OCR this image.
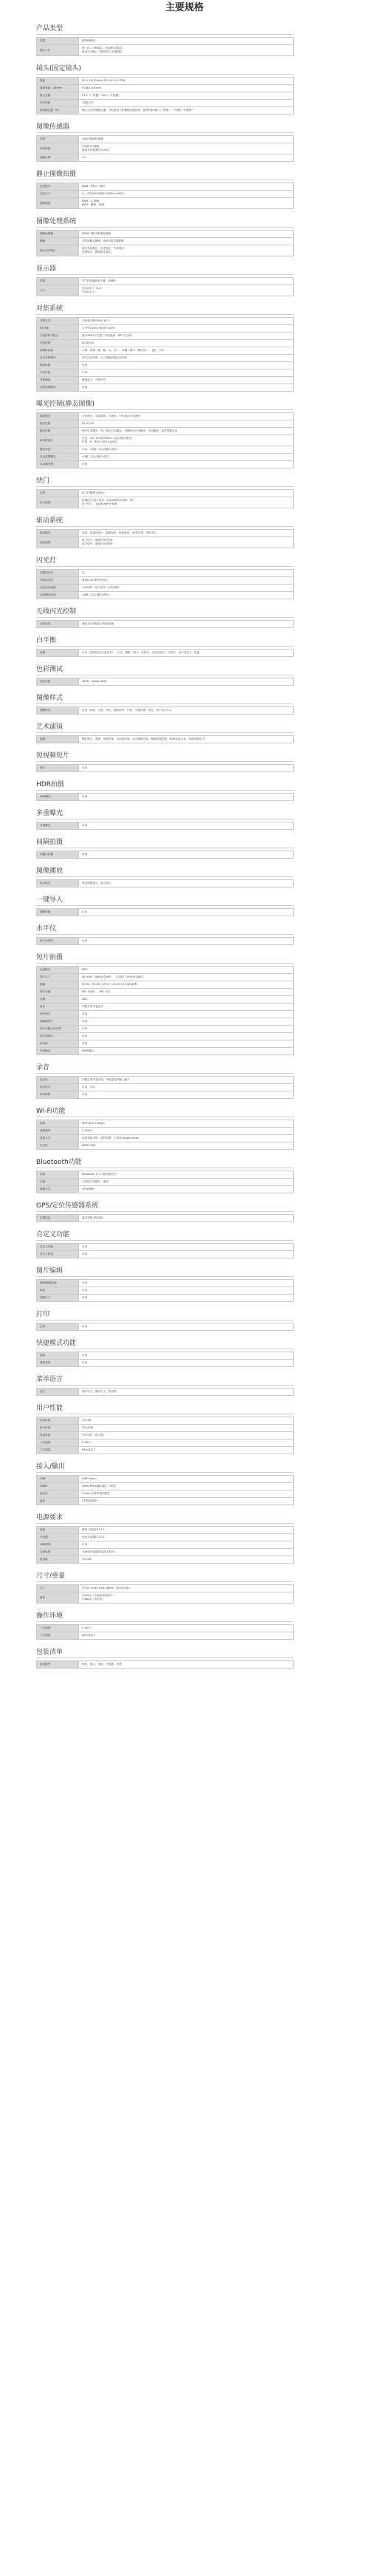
主要规格
产品类型
类型	数码照相机
镜头卡口	RF 卡口（RF镜头，包括RF-S镜头）
EF/EF-S镜头（需使用卡口适配器）
镜头(固定镜头)
焦距	RF-S 18-150mm F3.5-6.3 IS STM
换算焦距（35mm）	约28.8-240mm
最大光圈	F3.5（广角端）-F6.3（长焦端）
光学结构	13组17片
影像稳定器（IS）	镜头光学影像稳定器，与机身电子影像稳定器协同，最高约4.5级（广角端），约3级（长焦端）
图像传感器
类型	CMOS图像传感器
有效像素	约2420万像素
最高有效像素约2410万
画幅比例	3:2
静止图像拍摄
记录格式	RAW / JPEG / HEIF
记录尺寸	大：约2400万像素（6000×4000）
图像质量	RAW、C-RAW
JPEG：精细、普通
图像处理系统
图像处理器	DIGIC X数字影像处理器
降噪	长时间曝光降噪、高ISO感光度降噪
镜头光学校正	周边光量校正、色差校正、失真校正、
衍射校正、数码镜头优化
显示器
类型	TFT彩色液晶显示器，可翻转
尺寸	约3.0英寸（3:2）
约104万点
对焦系统
对焦方式	全像素双核CMOS AF II
AF区域	水平约100%×垂直约100%
可选择的对焦点	最多4503个位置（自动选择：651个区域）
亮度范围	EV-4至20
被摄体检测	人物、动物（狗、猫、鸟、马）、车辆（赛车、摩托车）、飞机、火车
自动对焦操作	单次自动对焦、人工智能伺服自动对焦
眼部检测	可用
手动对焦	可用
对焦辅助	峰值显示、对焦向导
对焦包围曝光	可用
曝光控制(静态图像)
测光模式	评价测光、局部测光、点测光、中央重点平均测光
测光范围	EV-2至20
曝光控制	程序自动曝光、快门优先自动曝光、光圈优先自动曝光、手动曝光、场景智能自动
ISO感光度	自动、ISO 100至32000（以1/3级为单位）
扩展：H（相当于ISO 51200）
曝光补偿	手动：±3级（以1/3级为单位）
自动包围曝光	±3级（以1/3级为单位）
自动曝光锁	可用
快门
类型	电子控制焦平面快门
快门速度	机械快门/电子前帘：1/4000秒至30秒、B门
电子快门：1/16000秒至30秒
驱动系统
驱动模式	单拍、高速连拍+、高速连拍、低速连拍、10秒自拍、2秒自拍
连拍速度	电子快门：最高约30张/秒
电子前帘：最高约15张/秒
闪光灯
内置闪光灯	无
外接闪光灯	兼容EL/EX系列闪光灯
闪光同步速度	1/250秒（电子前帘：1/250秒）
闪光曝光补偿	±3级（以1/3级为单位）
无线闪光控制
无线闪光	兼容光学传输及无线电传输
白平衡
设置	自动（氛围优先/白色优先）、日光、阴影、阴天、钨丝灯、白色荧光灯、闪光灯、用户自定义、色温
色彩测试
色彩空间	sRGB、Adobe RGB
图像样式
图像样式	自动、标准、人像、风光、精致细节、中性、可靠设置、单色、用户定义1-3
艺术滤镜
滤镜	颗粒黑白、柔焦、鱼眼效果、水彩画效果、玩具相机效果、微缩景观效果、HDR标准艺术、HDR浓艳艺术
短视频短片
短片	可用
HDR拍摄
HDR模式	可用
多重曝光
多重曝光	可用
间隔拍摄
间隔定时器	可用
图像播放
显示格式	单张图像显示、索引显示
一键导入
图像传输	可用
水平仪
电子水准仪	可用
短片拍摄
记录格式	MP4
短片尺寸	4K UHD（3840×2160）、全高清（1920×1080）
帧频	59.94 / 50.00 / 29.97 / 25.00 / 23.98 帧/秒
短片压缩	IPB（标准）、IPB（轻）
音频	AAC
录音	内置立体声麦克风
延时短片	可用
高帧频短片	可用
短片伺服自动对焦	可用
短片数码IS	可用
时间码	可用
外部输出	HDMI输出
录音
麦克风	内置立体声麦克风、外接麦克风输入端子
录音电平	自动、手动
风声抑制	可用
Wi-Fi功能
标准	IEEE 802.11b/g/n
传输频率	2.4GHz
连接方式	连接智能手机、遥控拍摄、上传至image.canon
安全性	WPA2-PSK
Bluetooth功能
标准	Bluetooth 5.1（低功耗技术）
功能	与智能手机配对、遥控
传输方式	GFSK调制
GPS/定位传感器系统
位置信息	通过智能手机获取
自定义功能
自定义功能	可用
自定义按钮	可用
图片编辑
RAW图像处理	可用
裁切	可用
调整尺寸	可用
打印
打印	可用
快捷模式功能
速控	可用
我的菜单	可用
菜单语言
语言	简体中文、繁体中文、英语等
用户性能
启动时间	约0.4秒
快门时滞	约0.05秒
电池寿命	约370张（显示屏）
工作温度	0-40°C
工作湿度	85%或以下
接入/输出
USB	USB Type-C
HDMI	HDMI Micro输出端子（D型）
麦克风	3.5mm立体声迷你插孔
遥控	E3型遥控端子
电源要求
电池	锂离子电池LP-E17
充电器	电池充电器LC-E17
USB供电	可用
交流电源	交流电转接器套装ACK-E18
耗电量	约2.5W
尺寸/重量
尺寸	约132.5×85.5×61.8mm（宽×高×深）
重量	约429g（含电池和存储卡）
约382g（仅机身）
操作环境
工作温度	0-40°C
工作湿度	85%或以下
包装清单
标准配件	相机、镜头、电池、充电器、背带
